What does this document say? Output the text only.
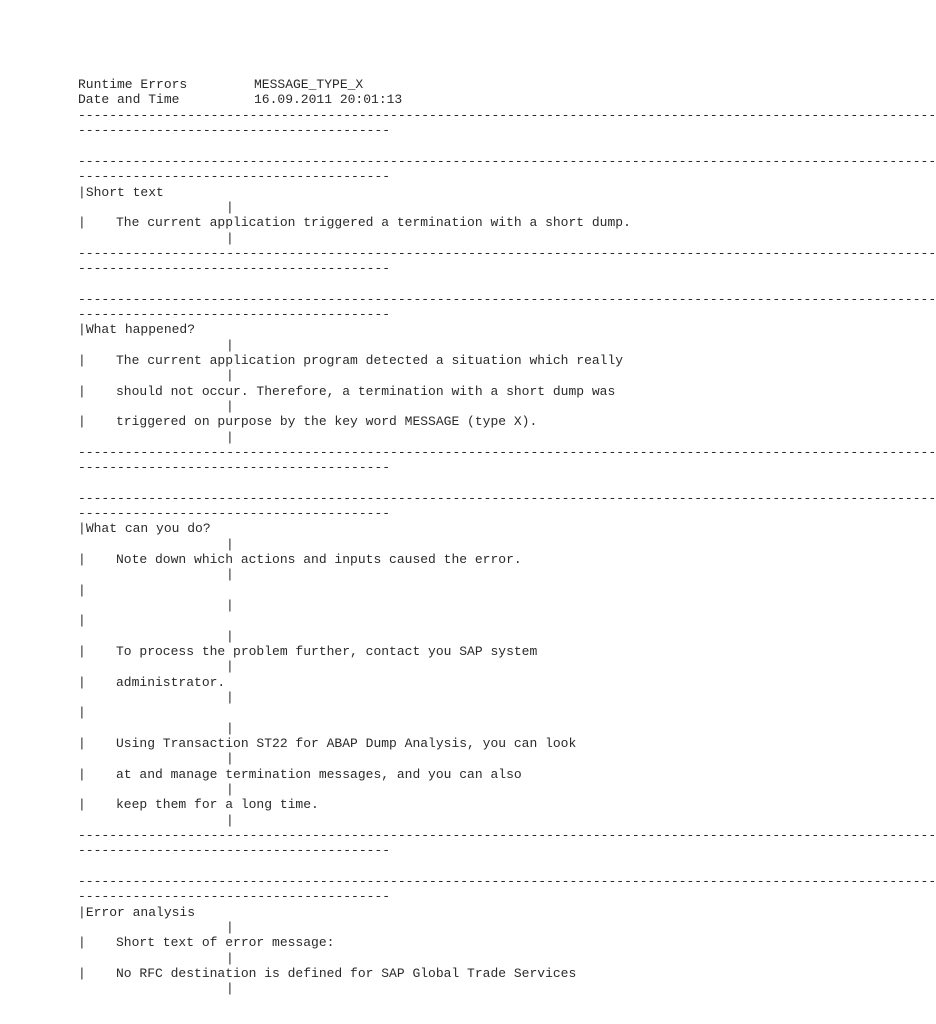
Runtime Errors

	MESSAGE_TYPE_X

Date and Time

	16.09.2011 20:01:13

--------------------------------------------------------------------------------------------------------------
----------------------------------------
--------------------------------------------------------------------------------------------------------------
----------------------------------------
|Short text
|
| The current application triggered a termination with a short dump.
|
--------------------------------------------------------------------------------------------------------------
----------------------------------------
--------------------------------------------------------------------------------------------------------------
----------------------------------------
|What happened?
|
| The current application program detected a situation which really
|
| should not occur. Therefore, a termination with a short dump was
|
| triggered on purpose by the key word MESSAGE (type X).
|
--------------------------------------------------------------------------------------------------------------
----------------------------------------
--------------------------------------------------------------------------------------------------------------
----------------------------------------
|What can you do?
|
| Note down which actions and inputs caused the error.
|
|
|
|
|
| To process the problem further, contact you SAP system
|
| administrator.
|
|
|
| Using Transaction ST22 for ABAP Dump Analysis, you can look
|
| at and manage termination messages, and you can also
|
| keep them for a long time.
|
--------------------------------------------------------------------------------------------------------------
----------------------------------------
--------------------------------------------------------------------------------------------------------------
----------------------------------------
|Error analysis
|
| Short text of error message:
|
| No RFC destination is defined for SAP Global Trade Services
|
